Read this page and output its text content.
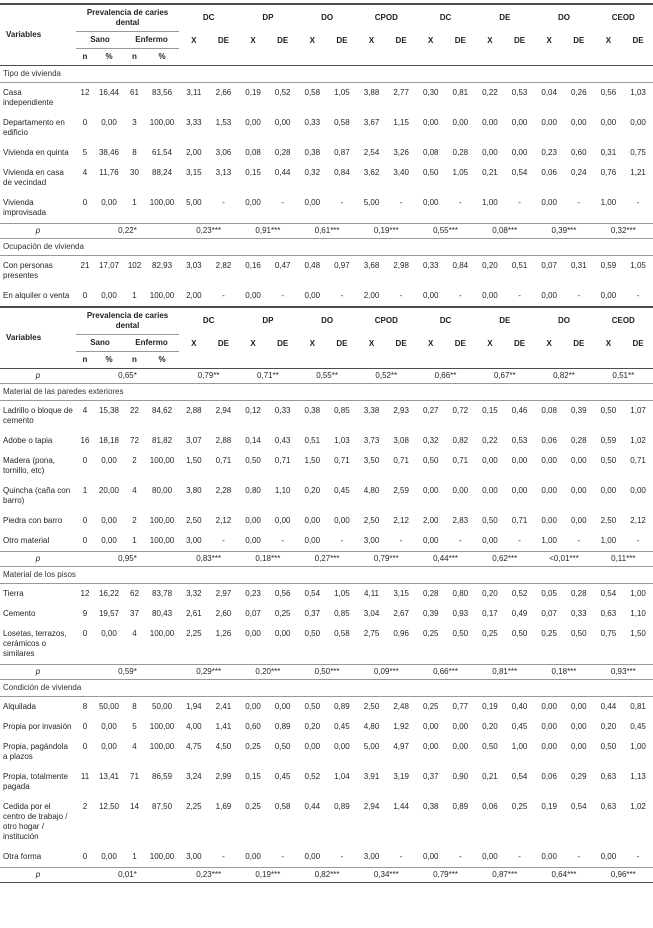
Variables	Prevalencia de caries dental				DC		DP		DO		CPOD		DC		DE		DO		CEOD	
	Sano		Enfermo		X	DE	X	DE	X	DE	X	DE	X	DE	X	DE	X	DE	X	DE
	n	%	n	%																
Tipo de vivienda																				
Casa independiente	12	16,44	61	83,56	3,11	2,66	0,19	0,52	0,58	1,05	3,88	2,77	0,30	0,81	0,22	0,53	0,04	0,26	0,56	1,03
Departamento en edificio	0	0,00	3	100,00	3,33	1,53	0,00	0,00	0,33	0,58	3,67	1,15	0,00	0,00	0,00	0,00	0,00	0,00	0,00	0,00
Vivienda en quinta	5	38,46	8	61,54	2,00	3,06	0,08	0,28	0,38	0,87	2,54	3,26	0,08	0,28	0,00	0,00	0,23	0,60	0,31	0,75
Vivienda en casa de vecindad	4	11,76	30	88,24	3,15	3,13	0,15	0,44	0,32	0,84	3,62	3,40	0,50	1,05	0,21	0,54	0,06	0,24	0,76	1,21
Vivienda improvisada	0	0,00	1	100,00	5,00	-	0,00	-	0,00	-	5,00	-	0,00	-	1,00	-	0,00	-	1,00	-
p	0,22*				0,23***		0,91***		0,61***		0,19***		0,55***		0,08***		0,39***		0,32***	
Ocupación de vivienda																				
Con personas presentes	21	17,07	102	82,93	3,03	2,82	0,16	0,47	0,48	0,97	3,68	2,98	0,33	0,84	0,20	0,51	0,07	0,31	0,59	1,05
En alquiler o venta	0	0,00	1	100,00	2,00	-	0,00	-	0,00	-	2,00	-	0,00	-	0,00	-	0,00	-	0,00	-
Variables	Prevalencia de caries dental				DC		DP		DO		CPOD		DC		DE		DO		CEOD	
	Sano		Enfermo		X	DE	X	DE	X	DE	X	DE	X	DE	X	DE	X	DE	X	DE
	n	%	n	%																
p	0,65*				0,79**		0,71**		0,55**		0,52**		0,66**		0,67**		0,82**		0,51**	
Material de las paredes exteriores																				
Ladrillo o bloque de cemento	4	15,38	22	84,62	2,88	2,94	0,12	0,33	0,38	0,85	3,38	2,93	0,27	0,72	0,15	0,46	0,08	0,39	0,50	1,07
Adobe o tapia	16	18,18	72	81,82	3,07	2,88	0,14	0,43	0,51	1,03	3,73	3,08	0,32	0,82	0,22	0,53	0,06	0,28	0,59	1,02
Madera (pona, tornillo, etc)	0	0,00	2	100,00	1,50	0,71	0,50	0,71	1,50	0,71	3,50	0,71	0,50	0,71	0,00	0,00	0,00	0,00	0,50	0,71
Quincha (caña con barro)	1	20,00	4	80,00	3,80	2,28	0,80	1,10	0,20	0,45	4,80	2,59	0,00	0,00	0,00	0,00	0,00	0,00	0,00	0,00
Piedra con barro	0	0,00	2	100,00	2,50	2,12	0,00	0,00	0,00	0,00	2,50	2,12	2,00	2,83	0,50	0,71	0,00	0,00	2,50	2,12
Otro material	0	0,00	1	100,00	3,00	-	0,00	-	0,00	-	3,00	-	0,00	-	0,00	-	1,00	-	1,00	-
p	0,95*				0,83***		0,18***		0,27***		0,79***		0,44***		0,62***		<0,01***		0,11***	
Material de los pisos																				
Tierra	12	16,22	62	83,78	3,32	2,97	0,23	0,56	0,54	1,05	4,11	3,15	0,28	0,80	0,20	0,52	0,05	0,28	0,54	1,00
Cemento	9	19,57	37	80,43	2,61	2,60	0,07	0,25	0,37	0,85	3,04	2,67	0,39	0,93	0,17	0,49	0,07	0,33	0,63	1,10
Losetas, terrazos, cerámicos o similares	0	0,00	4	100,00	2,25	1,26	0,00	0,00	0,50	0,58	2,75	0,96	0,25	0,50	0,25	0,50	0,25	0,50	0,75	1,50
p	0,59*				0,29***		0,20***		0,50***		0,09***		0,66***		0,81***		0,18***		0,93***	
Condición de vivienda																				
Alquilada	8	50,00	8	50,00	1,94	2,41	0,00	0,00	0,50	0,89	2,50	2,48	0,25	0,77	0,19	0,40	0,00	0,00	0,44	0,81
Propia por invasión	0	0,00	5	100,00	4,00	1,41	0,60	0,89	0,20	0,45	4,80	1,92	0,00	0,00	0,20	0,45	0,00	0,00	0,20	0,45
Propia, pagándola a plazos	0	0,00	4	100,00	4,75	4,50	0,25	0,50	0,00	0,00	5,00	4,97	0,00	0,00	0,50	1,00	0,00	0,00	0,50	1,00
Propia, totalmente pagada	11	13,41	71	86,59	3,24	2,99	0,15	0,45	0,52	1,04	3,91	3,19	0,37	0,90	0,21	0,54	0,06	0,29	0,63	1,13
Cedida por el centro de trabajo / otro hogar / institución	2	12,50	14	87,50	2,25	1,69	0,25	0,58	0,44	0,89	2,94	1,44	0,38	0,89	0,06	0,25	0,19	0,54	0,63	1,02
Otra forma	0	0,00	1	100,00	3,00	-	0,00	-	0,00	-	3,00	-	0,00	-	0,00	-	0,00	-	0,00	-
p	0,01*				0,23***		0,19***		0,82***		0,34***		0,79***		0,87***		0,64***		0,96***	
